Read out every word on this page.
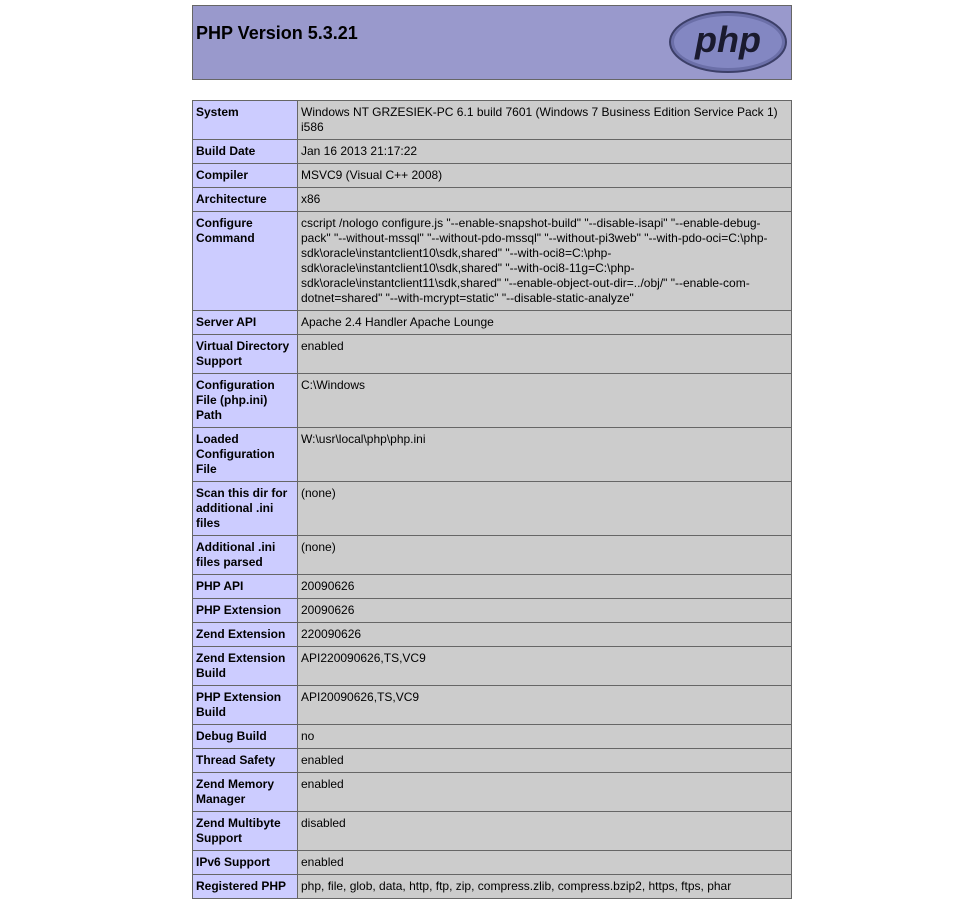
PHP Version 5.3.21	php
System	Windows NT GRZESIEK-PC 6.1 build 7601 (Windows 7 Business Edition Service Pack 1) i586
Build Date	Jan 16 2013 21:17:22
Compiler	MSVC9 (Visual C++ 2008)
Architecture	x86
Configure Command	cscript /nologo configure.js "--enable-snapshot-build" "--disable-isapi" "--enable-debug-pack" "--without-mssql" "--without-pdo-mssql" "--without-pi3web" "--with-pdo-oci=C:\php-sdk\oracle\instantclient10\sdk,shared" "--with-oci8=C:\php-sdk\oracle\instantclient10\sdk,shared" "--with-oci8-11g=C:\php-sdk\oracle\instantclient11\sdk,shared" "--enable-object-out-dir=../obj/" "--enable-com-dotnet=shared" "--with-mcrypt=static" "--disable-static-analyze"
Server API	Apache 2.4 Handler Apache Lounge
Virtual Directory Support	enabled
Configuration File (php.ini) Path	C:\Windows
Loaded Configuration File	W:\usr\local\php\php.ini
Scan this dir for additional .ini files	(none)
Additional .ini files parsed	(none)
PHP API	20090626
PHP Extension	20090626
Zend Extension	220090626
Zend Extension Build	API220090626,TS,VC9
PHP Extension Build	API20090626,TS,VC9
Debug Build	no
Thread Safety	enabled
Zend Memory Manager	enabled
Zend Multibyte Support	disabled
IPv6 Support	enabled
Registered PHP	php, file, glob, data, http, ftp, zip, compress.zlib, compress.bzip2, https, ftps, phar
